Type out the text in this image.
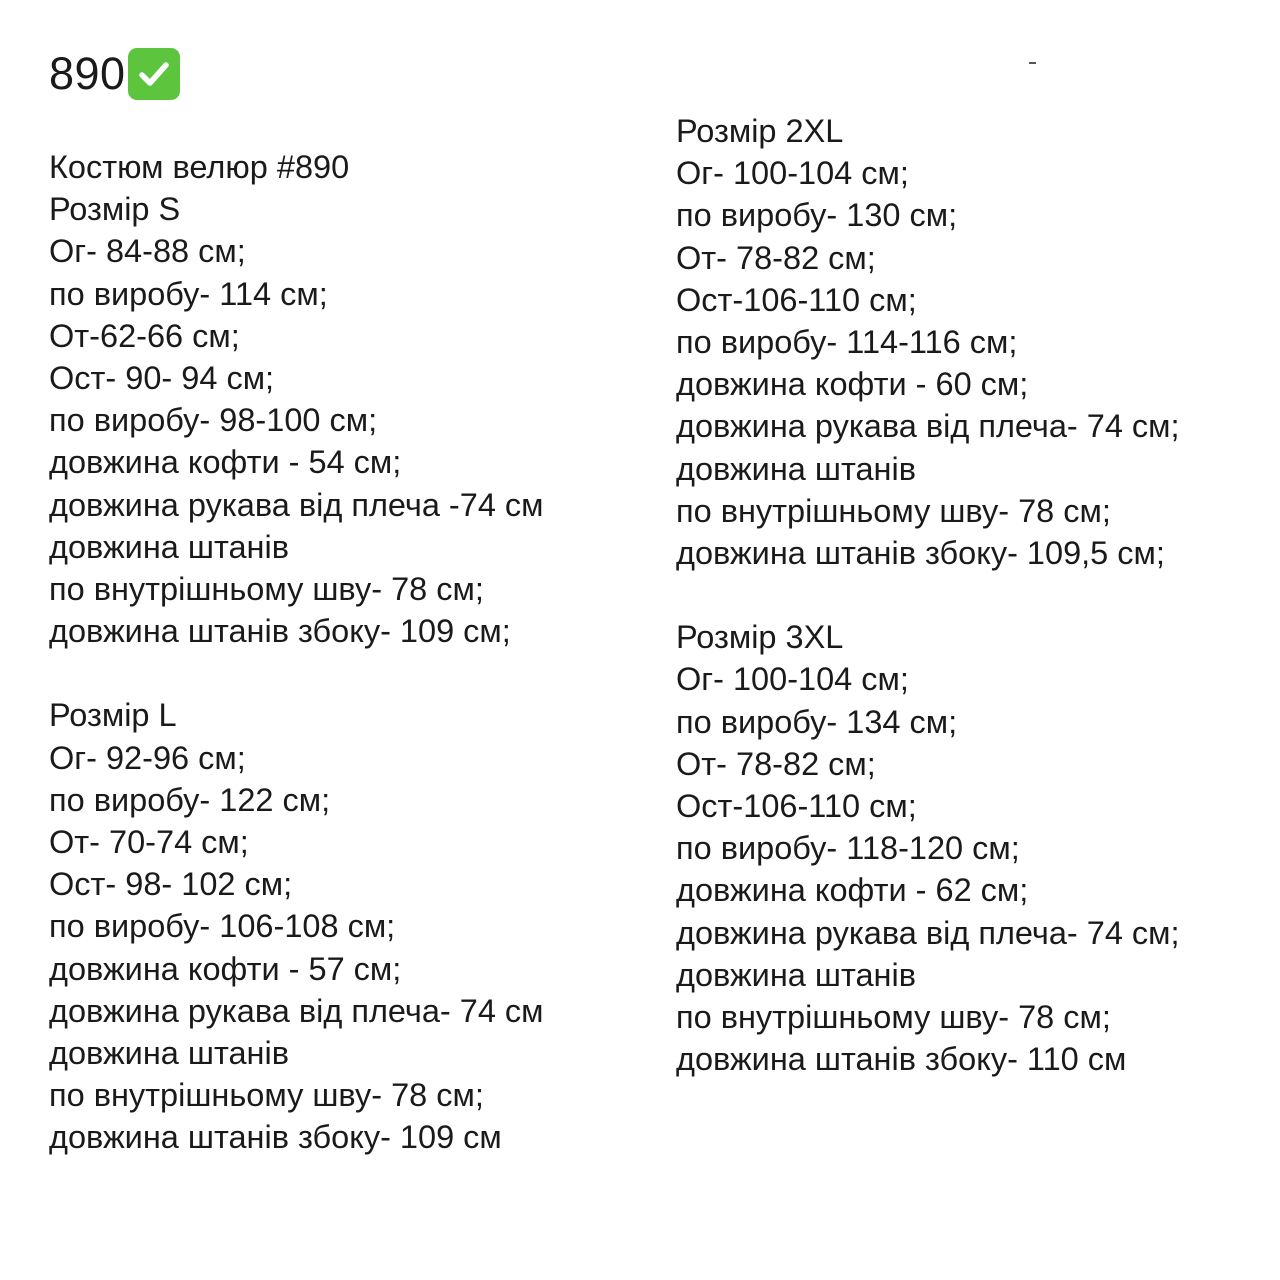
890
Костюм велюр #890
Розмір S
Ог- 84-88 см;
по виробу- 114 см;
От-62-66 см;
Ост- 90- 94 см;
по виробу- 98-100 см;
довжина кофти - 54 см;
довжина рукава від плеча -74 см
довжина штанів
по внутрішньому шву- 78 см;
довжина штанів збоку- 109 см;
Розмір L
Ог- 92-96 см;
по виробу- 122 см;
От- 70-74 см;
Ост- 98- 102 см;
по виробу- 106-108 см;
довжина кофти - 57 см;
довжина рукава від плеча- 74 см
довжина штанів
по внутрішньому шву- 78 см;
довжина штанів збоку- 109 см
Розмір 2XL
Ог- 100-104 см;
по виробу- 130 см;
От- 78-82 см;
Ост-106-110 см;
по виробу- 114-116 см;
довжина кофти - 60 см;
довжина рукава від плеча- 74 см;
довжина штанів
по внутрішньому шву- 78 см;
довжина штанів збоку- 109,5 см;
Розмір 3XL
Ог- 100-104 см;
по виробу- 134 см;
От- 78-82 см;
Ост-106-110 см;
по виробу- 118-120 см;
довжина кофти - 62 см;
довжина рукава від плеча- 74 см;
довжина штанів
по внутрішньому шву- 78 см;
довжина штанів збоку- 110 см
